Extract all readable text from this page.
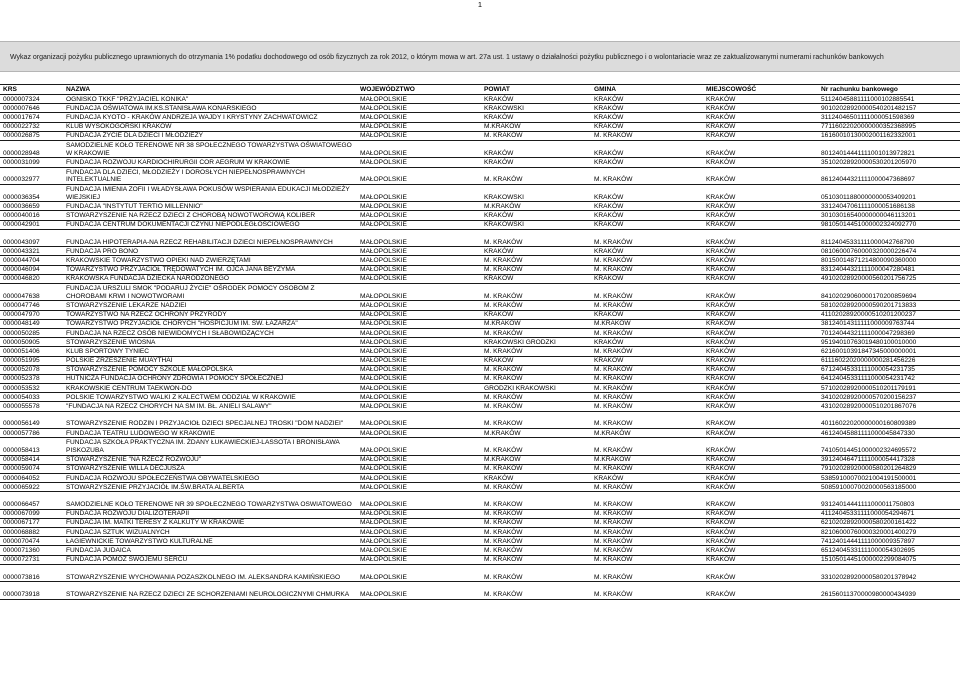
1
Wykaz organizacji pożytku publicznego uprawnionych do otrzymania 1% podatku dochodowego od osób fizycznych za rok 2012, o którym mowa w art. 27a ust. 1 ustawy o działalności pożytku publicznego i o wolontariacie wraz ze zaktualizowanymi numerami rachunków bankowych
KRS	NAZWA	WOJEWÓDZTWO	POWIAT	GMINA	MIEJSCOWOŚĆ	Nr rachunku bankowego
0000007324	OGNISKO TKKF "PRZYJACIEL KONIKA"	MAŁOPOLSKIE	KRAKÓW	KRAKÓW	KRAKÓW	51124045881111000102885541
0000007646	FUNDACJA OŚWIATOWA IM.KS.STANISŁAWA KONARSKIEGO	MAŁOPOLSKIE	KRAKOWSKI	KRAKÓW	KRAKÓW	90102028920000540201482157
0000017674	FUNDACJA KYOTO - KRAKÓW ANDRZEJA WAJDY I KRYSTYNY ZACHWATOWICZ	MAŁOPOLSKIE	KRAKÓW	KRAKÓW	KRAKÓW	31124046501111000051598369
0000022732	KLUB WYSOKOGÓRSKI KRAKÓW	MAŁOPOLSKIE	M.KRAKÓW	KRAKÓW	KRAKÓW	77116022020000000352368995
0000026875	FUNDACJA ŻYCIE DLA DZIECI I MŁODZIEŻY	MAŁOPOLSKIE	M. KRAKÓW	M. KRAKÓW	KRAKÓW	16160010130002001162332001
0000028948	SAMODZIELNE KOŁO TERENOWE NR 38 SPOŁECZNEGO TOWARZYSTWA OŚWIATOWEGO W KRAKOWIE	MAŁOPOLSKIE	KRAKÓW	KRAKÓW	KRAKÓW	80124014441111001013972821
0000031099	FUNDACJA ROZWOJU KARDIOCHIRURGII COR AEGRUM W KRAKOWIE	MAŁOPOLSKIE	KRAKÓW	KRAKÓW	KRAKÓW	35102028920000530201205970
0000032977	FUNDACJA DLA DZIECI, MŁODZIEŻY I DOROSŁYCH NIEPEŁNOSPRAWNYCH INTELEKTUALNIE	MAŁOPOLSKIE	M. KRAKÓW	M. KRAKÓW	KRAKÓW	86124044321111000047368697
0000036354	FUNDACJA IMIENIA ZOFII I WŁADYSŁAWA POKUSÓW WSPIERANIA EDUKACJI MŁODZIEŻY WIEJSKIEJ	MAŁOPOLSKIE	KRAKOWSKI	KRAKÓW	KRAKÓW	05103011880000000053409201
0000036659	FUNDACJA "INSTYTUT TERTIO MILLENNIO"	MAŁOPOLSKIE	M.KRAKÓW	KRAKÓW	KRAKÓW	33124047061111000051686138
0000040016	STOWARZYSZENIE NA RZECZ DZIECI Z CHOROBĄ NOWOTWOROWĄ KOLIBER	MAŁOPOLSKIE	KRAKÓW	KRAKÓW	KRAKÓW	30103016540000000046113201
0000042901	FUNDACJA CENTRUM DOKUMENTACJI CZYNU NIEPODLEGŁOŚCIOWEGO	MAŁOPOLSKIE	KRAKOWSKI	KRAKÓW	KRAKÓW	98105014451000002324092770

0000043097	FUNDACJA HIPOTERAPIA-NA RZECZ REHABILITACJI DZIECI NIEPEŁNOSPRAWNYCH	MAŁOPOLSKIE	M. KRAKÓW	M. KRAKÓW	KRAKÓW	81124045331111000042768790
0000043321	FUNDACJA PRO BONO	MAŁOPOLSKIE	KRAKÓW	KRAKÓW	KRAKÓW	08106000760000320000226474
0000044704	KRAKOWSKIE TOWARZYSTWO OPIEKI NAD ZWIERZĘTAMI	MAŁOPOLSKIE	M. KRAKÓW	M. KRAKÓW	KRAKÓW	80150014871214800090360000
0000046094	TOWARZYSTWO PRZYJACIÓŁ TRĘDOWATYCH IM. OJCA JANA BEYZYMA	MAŁOPOLSKIE	M. KRAKÓW	M. KRAKÓW	KRAKÓW	83124044321111000047280481
0000046820	KRAKOWSKA FUNDACJA DZIECKA NARODZONEGO	MAŁOPOLSKIE	KRAKÓW	KRAKÓW	KRAKÓW	49102028920000560201756725
0000047638	FUNDACJA URSZULI SMOK "PODARUJ ŻYCIE" OŚRODEK POMOCY OSOBOM Z CHOROBAMI KRWI I NOWOTWORAMI	MAŁOPOLSKIE	M. KRAKÓW	M. KRAKÓW	KRAKÓW	84102029060000170200859694
0000047746	STOWARZYSZENIE LEKARZE NADZIEI	MAŁOPOLSKIE	M. KRAKÓW	M. KRAKÓW	KRAKÓW	58102028920000590201713833
0000047970	TOWARZYSTWO NA RZECZ OCHRONY PRZYRODY	MAŁOPOLSKIE	KRAKÓW	KRAKÓW	KRAKÓW	41102028920000510201200237
0000048149	TOWARZYSTWO PRZYJACIÓŁ CHORYCH "HOSPICJUM IM. ŚW. ŁAZARZA"	MAŁOPOLSKIE	M.KRAKÓW	M.KRAKÓW	KRAKÓW	38124014311111000009763744
0000050285	FUNDACJA NA RZECZ OSÓB NIEWIDOMYCH I SŁABOWIDZĄCYCH	MAŁOPOLSKIE	M. KRAKÓW	M. KRAKÓW	KRAKÓW	70124044321111000047298369
0000050905	STOWARZYSZENIE WIOSNA	MAŁOPOLSKIE	KRAKOWSKI GRODZKI	KRAKÓW	KRAKÓW	95194010763019480100010000
0000051406	KLUB SPORTOWY TYNIEC	MAŁOPOLSKIE	M. KRAKÓW	M. KRAKÓW	KRAKÓW	62160010391847345000000001
0000051995	POLSKIE ZRZESZENIE MUAYTHAI	MAŁOPOLSKIE	KRAKÓW	KRAKÓW	KRAKÓW	61116022020000000281456226
0000052078	STOWARZYSZENIE POMOCY SZKOLE MAŁOPOLSKA	MAŁOPOLSKIE	M. KRAKÓW	M. KRAKÓW	KRAKÓW	67124045331111000054231735
0000052378	HUTNICZA FUNDACJA OCHRONY ZDROWIA I POMOCY SPOŁECZNEJ	MAŁOPOLSKIE	M. KRAKÓW	M. KRAKÓW	KRAKÓW	64124045331111000054231742
0000053532	KRAKOWSKIE CENTRUM TAEKWON-DO	MAŁOPOLSKIE	GRODZKI KRAKOWSKI	M. KRAKÓW	KRAKÓW	57102028920000510201179191
0000054033	POLSKIE TOWARZYSTWO WALKI Z KALECTWEM ODDZIAŁ W KRAKOWIE	MAŁOPOLSKIE	M. KRAKÓW	M. KRAKÓW	KRAKÓW	34102028920000570200156237
0000055578	"FUNDACJA NA RZECZ CHORYCH NA SM IM. BŁ. ANIELI SALAWY"	MAŁOPOLSKIE	M. KRAKÓW	M. KRAKÓW	KRAKÓW	43102028920000510201867076

0000056149	STOWARZYSZENIE RODZIN I PRZYJACIÓŁ DZIECI SPECJALNEJ TROSKI "DOM NADZIEI"	MAŁOPOLSKIE	M. KRAKÓW	M. KRAKÓW	KRAKÓW	40116022020000000160809389
0000057786	FUNDACJA TEATRU LUDOWEGO W KRAKOWIE	MAŁOPOLSKIE	M.KRAKÓW	M.KRAKÓW	KRAKÓW	46124045881111000045847330
0000058413	FUNDACJA SZKOŁA PRAKTYCZNA IM. ŻDANY ŁUKAWIECKIEJ-LASSOTA I BRONISŁAWA PISKOZUBA	MAŁOPOLSKIE	M. KRAKÓW	M. KRAKÓW	KRAKÓW	74105014451000002324695572
0000058414	STOWARZYSZENIE "NA RZECZ ROZWOJU"	MAŁOPOLSKIE	M.KRAKÓW	M.KRAKÓW	KRAKÓW	39124046471111000054417328
0000059074	STOWARZYSZENIE WILLA DECJUSZA	MAŁOPOLSKIE	M. KRAKÓW	M. KRAKÓW	KRAKÓW	79102028920000580201264829
0000064052	FUNDACJA ROZWOJU SPOŁECZEŃSTWA OBYWATELSKIEGO	MAŁOPOLSKIE	KRAKÓW	KRAKÓW	KRAKÓW	53859100070021004191500001
0000065922	STOWARZYSZENIE PRZYJACIÓŁ IM.ŚW.BRATA ALBERTA	MAŁOPOLSKIE	M. KRAKÓW	M. KRAKÓW	KRAKÓW	50859100070020000563185000

0000066457	SAMODZIELNE KOŁO TERENOWE NR 39 SPOŁECZNEGO TOWARZYSTWA OŚWIATOWEGO	MAŁOPOLSKIE	M. KRAKÓW	M. KRAKÓW	KRAKÓW	93124014441111000011750803
0000067099	FUNDACJA ROZWOJU DIALIZOTERAPII	MAŁOPOLSKIE	M. KRAKÓW	M. KRAKÓW	KRAKÓW	41124045331111000054294671
0000067177	FUNDACJA IM. MATKI TERESY Z KALKUTY W KRAKOWIE	MAŁOPOLSKIE	M. KRAKÓW	M. KRAKÓW	KRAKÓW	62102028920000580200161422
0000068882	FUNDACJA SZTUK WIZUALNYCH	MAŁOPOLSKIE	M. KRAKÓW	M. KRAKÓW	KRAKÓW	82106000760000320001400279
0000070474	ŁAGIEWNICKIE TOWARZYSTWO KULTURALNE	MAŁOPOLSKIE	M. KRAKÓW	M. KRAKÓW	KRAKÓW	74124014441111000009357897
0000071360	FUNDACJA JUDAICA	MAŁOPOLSKIE	M. KRAKÓW	M. KRAKÓW	KRAKÓW	65124045331111000054302695
0000072731	FUNDACJA POMÓŻ SWOJEMU SERCU	MAŁOPOLSKIE	M. KRAKÓW	M. KRAKÓW	KRAKÓW	15105014451000002299084075
0000073816	STOWARZYSZENIE WYCHOWANIA POZASZKOLNEGO IM. ALEKSANDRA KAMIŃSKIEGO	MAŁOPOLSKIE	M. KRAKÓW	M. KRAKÓW	KRAKÓW	33102028920000580201378942

0000073918	STOWARZYSZENIE NA RZECZ DZIECI ZE SCHORZENIAMI NEUROLOGICZNYMI CHMURKA	MAŁOPOLSKIE	M. KRAKÓW	M. KRAKÓW	KRAKÓW	26156011370000980000434939
